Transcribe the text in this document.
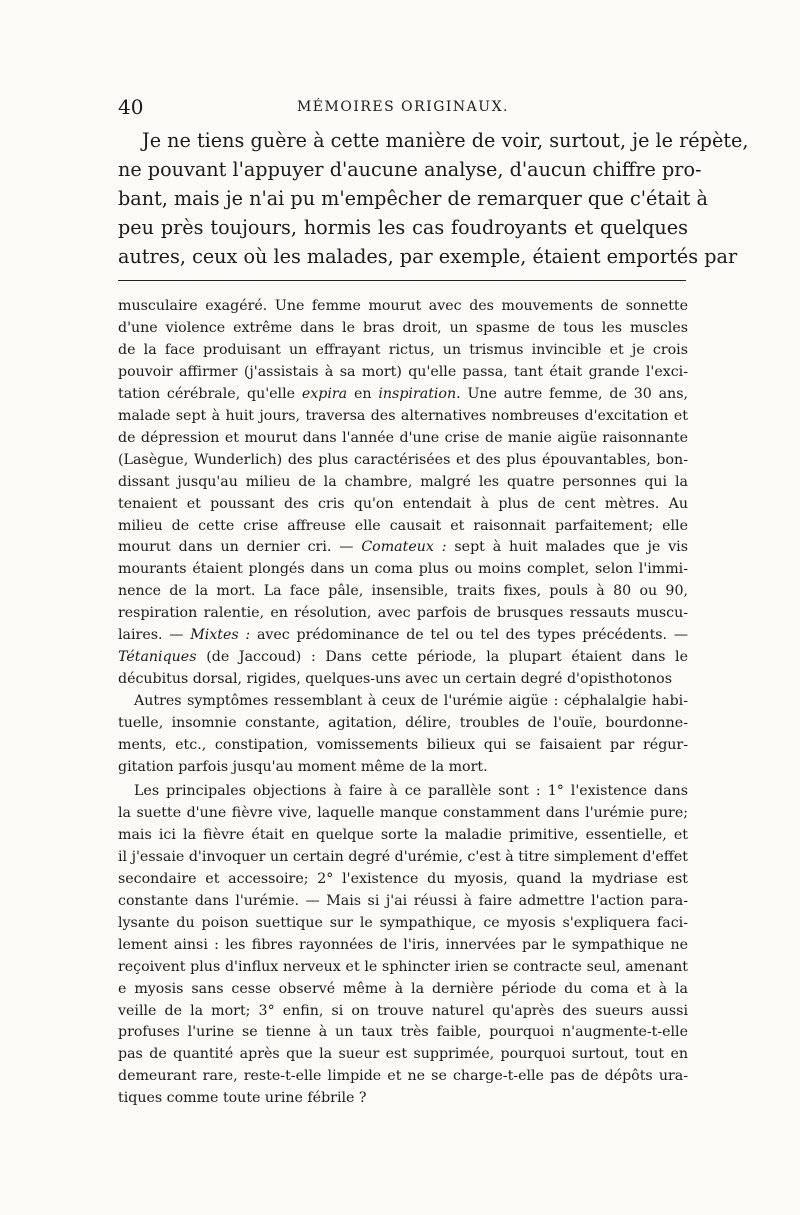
40	MÉMOIRES ORIGINAUX.
Je ne tiens guère à cette manière de voir, surtout, je le répète,
ne pouvant l'appuyer d'aucune analyse, d'aucun chiffre pro-
bant, mais je n'ai pu m'empêcher de remarquer que c'était à
peu près toujours, hormis les cas foudroyants et quelques
autres, ceux où les malades, par exemple, étaient emportés par
musculaire exagéré. Une femme mourut avec des mouvements de sonnette
d'une violence extrême dans le bras droit, un spasme de tous les muscles
de la face produisant un effrayant rictus, un trismus invincible et je crois
pouvoir affirmer (j'assistais à sa mort) qu'elle passa, tant était grande l'exci-
tation cérébrale, qu'elle expira en inspiration. Une autre femme, de 30 ans,
malade sept à huit jours, traversa des alternatives nombreuses d'excitation et
de dépression et mourut dans l'année d'une crise de manie aigüe raisonnante
(Lasègue, Wunderlich) des plus caractérisées et des plus épouvantables, bon-
dissant jusqu'au milieu de la chambre, malgré les quatre personnes qui la
tenaient et poussant des cris qu'on entendait à plus de cent mètres. Au
milieu de cette crise affreuse elle causait et raisonnait parfaitement; elle
mourut dans un dernier cri. — Comateux : sept à huit malades que je vis
mourants étaient plongés dans un coma plus ou moins complet, selon l'immi-
nence de la mort. La face pâle, insensible, traits fixes, pouls à 80 ou 90,
respiration ralentie, en résolution, avec parfois de brusques ressauts muscu-
laires. — Mixtes : avec prédominance de tel ou tel des types précédents. —
Tétaniques (de Jaccoud) : Dans cette période, la plupart étaient dans le
décubitus dorsal, rigides, quelques-uns avec un certain degré d'opisthotonos
Autres symptômes ressemblant à ceux de l'urémie aigüe : céphalalgie habi-
tuelle, insomnie constante, agitation, délire, troubles de l'ouïe, bourdonne-
ments, etc., constipation, vomissements bilieux qui se faisaient par régur-
gitation parfois jusqu'au moment même de la mort.
Les principales objections à faire à ce parallèle sont : 1° l'existence dans
la suette d'une fièvre vive, laquelle manque constamment dans l'urémie pure;
mais ici la fièvre était en quelque sorte la maladie primitive, essentielle, et
il j'essaie d'invoquer un certain degré d'urémie, c'est à titre simplement d'effet
secondaire et accessoire; 2° l'existence du myosis, quand la mydriase est
constante dans l'urémie. — Mais si j'ai réussi à faire admettre l'action para-
lysante du poison suettique sur le sympathique, ce myosis s'expliquera faci-
lement ainsi : les fibres rayonnées de l'iris, innervées par le sympathique ne
reçoivent plus d'influx nerveux et le sphincter irien se contracte seul, amenant
e myosis sans cesse observé même à la dernière période du coma et à la
veille de la mort; 3° enfin, si on trouve naturel qu'après des sueurs aussi
profuses l'urine se tienne à un taux très faible, pourquoi n'augmente-t-elle
pas de quantité après que la sueur est supprimée, pourquoi surtout, tout en
demeurant rare, reste-t-elle limpide et ne se charge-t-elle pas de dépôts ura-
tiques comme toute urine fébrile ?
